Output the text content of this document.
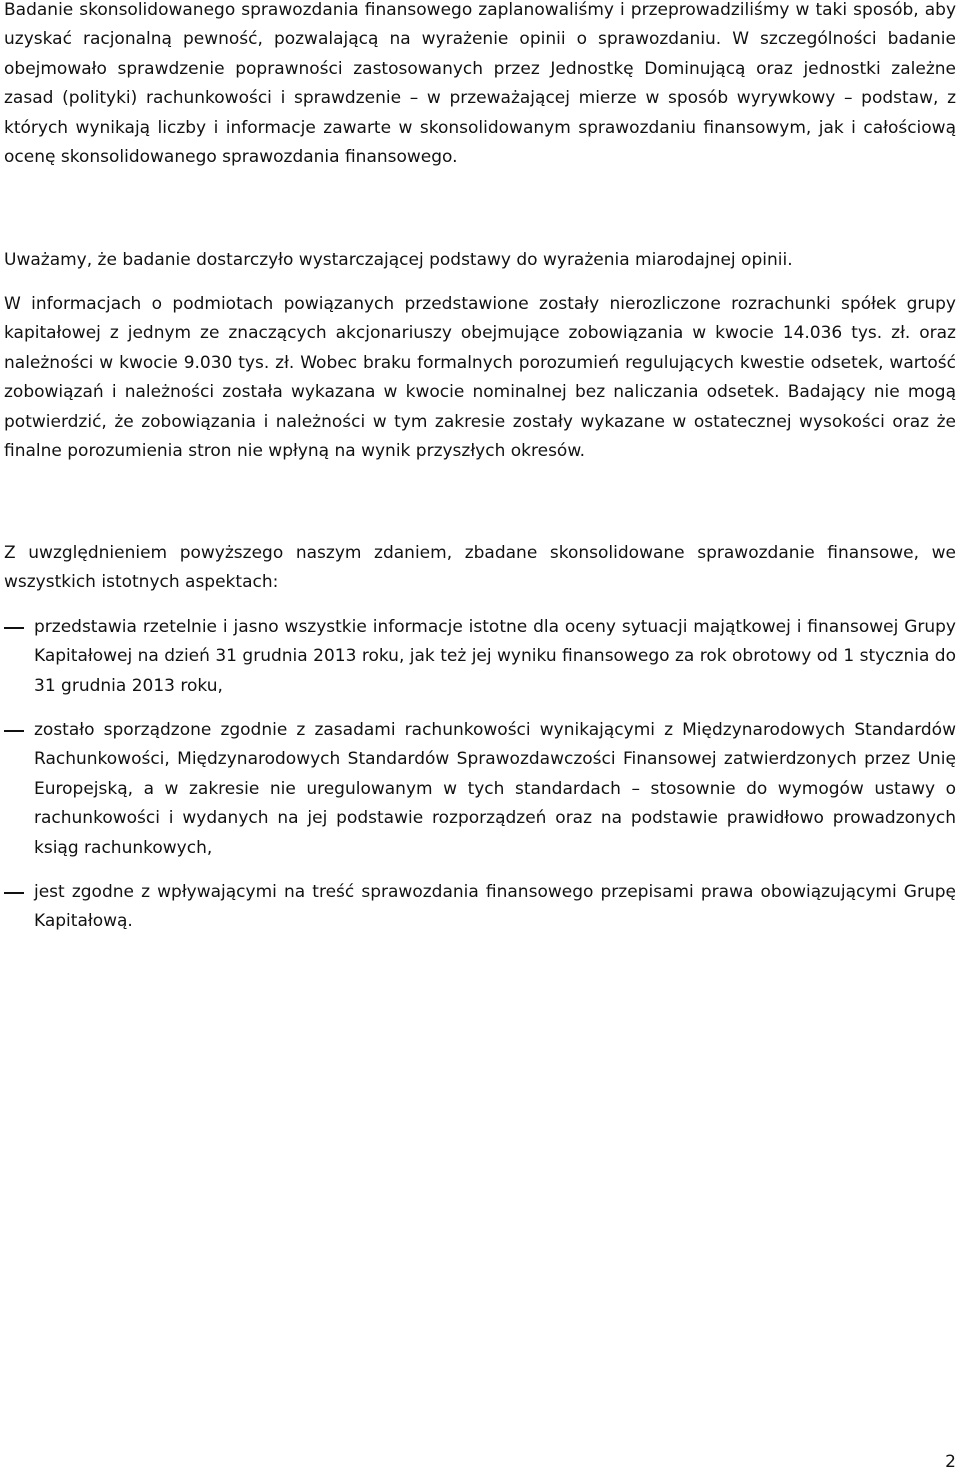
Badanie skonsolidowanego sprawozdania finansowego zaplanowaliśmy i przeprowadziliśmy w taki sposób, aby uzyskać racjonalną pewność, pozwalającą na wyrażenie opinii o sprawozdaniu. W szczególności badanie obejmowało sprawdzenie poprawności zastosowanych przez Jednostkę Dominującą oraz jednostki zależne zasad (polityki) rachunkowości i sprawdzenie – w przeważającej mierze w sposób wyrywkowy – podstaw, z których wynikają liczby i informacje zawarte w skonsolidowanym sprawozdaniu finansowym, jak i całościową ocenę skonsolidowanego sprawozdania finansowego.

Uważamy, że badanie dostarczyło wystarczającej podstawy do wyrażenia miarodajnej opinii.

W informacjach o podmiotach powiązanych przedstawione zostały nierozliczone rozrachunki spółek grupy kapitałowej z jednym ze znaczących akcjonariuszy obejmujące zobowiązania w kwocie 14.036 tys. zł. oraz należności w kwocie 9.030 tys. zł. Wobec braku formalnych porozumień regulujących kwestie odsetek, wartość zobowiązań i należności została wykazana w kwocie nominalnej bez naliczania odsetek. Badający nie mogą potwierdzić, że zobowiązania i należności w tym zakresie zostały wykazane w ostatecznej wysokości oraz że finalne porozumienia stron nie wpłyną na wynik przyszłych okresów.

Z uwzględnieniem powyższego naszym zdaniem, zbadane skonsolidowane sprawozdanie finansowe, we wszystkich istotnych aspektach:

przedstawia rzetelnie i jasno wszystkie informacje istotne dla oceny sytuacji majątkowej i finansowej Grupy Kapitałowej na dzień 31 grudnia 2013 roku, jak też jej wyniku finansowego za rok obrotowy od 1 stycznia do 31 grudnia 2013 roku,

zostało sporządzone zgodnie z zasadami rachunkowości wynikającymi z Międzynarodowych Standardów Rachunkowości, Międzynarodowych Standardów Sprawozdawczości Finansowej zatwierdzonych przez Unię Europejską, a w zakresie nie uregulowanym w tych standardach – stosownie do wymogów ustawy o rachunkowości i wydanych na jej podstawie rozporządzeń oraz na podstawie prawidłowo prowadzonych ksiąg rachunkowych,

jest zgodne z wpływającymi na treść sprawozdania finansowego przepisami prawa obowiązującymi Grupę Kapitałową.

2
